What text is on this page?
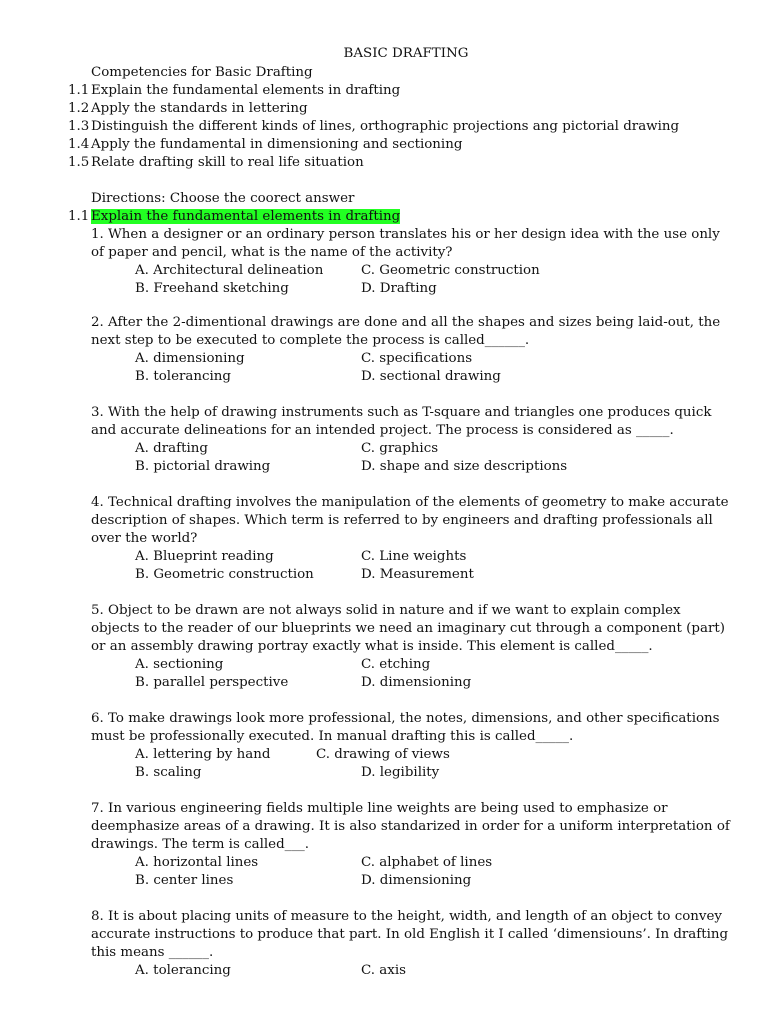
BASIC DRAFTING
Competencies for Basic Drafting
1.1 Explain the fundamental elements in drafting
1.2 Apply the standards in lettering
1.3 Distinguish the different kinds of lines, orthographic projections ang pictorial drawing
1.4 Apply the fundamental in dimensioning and sectioning
1.5 Relate drafting skill to real life situation
Directions: Choose the coorect answer
1.1 Explain the fundamental elements in drafting
1. When a designer or an ordinary person translates his or her design idea with the use only of paper and pencil, what is the name of the activity?
A. Architectural delineation	C. Geometric construction
B. Freehand sketching	D. Drafting
2. After the 2-dimentional drawings are done and all the shapes and sizes being laid-out, the next step to be executed to complete the process is called______.
A. dimensioning	C. specifications
B. tolerancing	D. sectional drawing
3. With the help of drawing instruments such as T-square and triangles one produces quick and accurate delineations for an intended project. The process is considered as _____.
A. drafting	C. graphics
B. pictorial drawing	D. shape and size descriptions
4. Technical drafting involves the manipulation of the elements of geometry to make accurate description of shapes. Which term is referred to by engineers and drafting professionals all over the world?
A. Blueprint reading	C. Line weights
B. Geometric construction	D. Measurement
5. Object to be drawn are not always solid in nature and if we want to explain complex objects to the reader of our blueprints we need an imaginary cut through a component (part) or an assembly drawing portray exactly what is inside. This element is called_____.
A. sectioning	C. etching
B. parallel perspective	D. dimensioning
6. To make drawings look more professional, the notes, dimensions, and other specifications must be professionally executed. In manual drafting this is called_____.
A. lettering by hand	C. drawing of views
B. scaling	D. legibility
7. In various engineering fields multiple line weights are being used to emphasize or deemphasize areas of a drawing. It is also standarized in order for a uniform interpretation of drawings. The term is called___.
A. horizontal lines	C. alphabet of lines
B. center lines	D. dimensioning
8. It is about placing units of measure to the height, width, and length of an object to convey accurate instructions to produce that part. In old English it I called ‘dimensiouns’. In drafting this means ______.
A. tolerancing	C. axis
